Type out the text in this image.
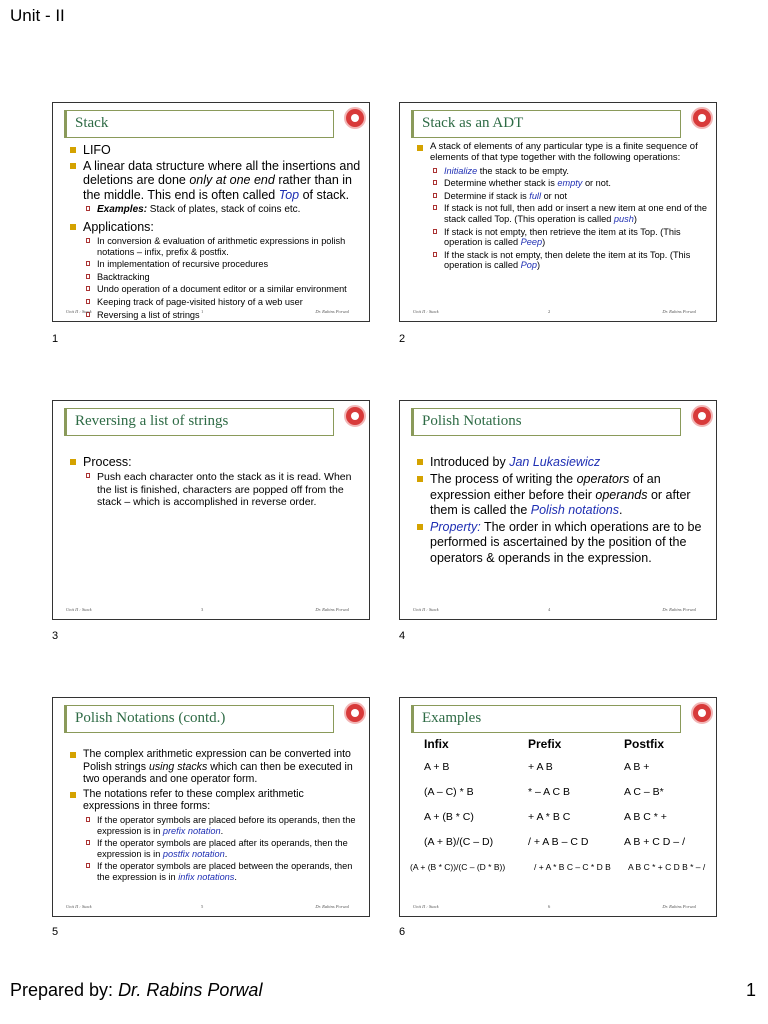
Unit - II
Stack
LIFO
A linear data structure where all the insertions and deletions are done only at one end rather than in the middle. This end is often called Top of stack.
Examples: Stack of plates, stack of coins etc.
Applications:
In conversion & evaluation of arithmetic expressions in polish notations – infix, prefix & postfix.
In implementation of recursive procedures
Backtracking
Undo operation of a document editor or a similar environment
Keeping track of page-visited history of a web user
Reversing a list of strings
Unit II : Stack	1	Dr. Rabins Porwal
1
Stack as an ADT
A stack of elements of any particular type is a finite sequence of elements of that type together with the following operations:
Initialize the stack to be empty.
Determine whether stack is empty or not.
Determine if stack is full or not
If stack is not full, then add or insert a new item at one end of the stack called Top. (This operation is called push)
If stack is not empty, then retrieve the item at its Top. (This operation is called Peep)
If the stack is not empty, then delete the item at its Top. (This operation is called Pop)
Unit II : Stack	2	Dr. Rabins Porwal
2
Reversing a list of strings
Process:
Push each character onto the stack as it is read. When the list is finished, characters are popped off from the stack – which is accomplished in reverse order.
Unit II : Stack	3	Dr. Rabins Porwal
3
Polish Notations
Introduced by Jan Lukasiewicz
The process of writing the operators of an expression either before their operands or after them is called the Polish notations.
Property: The order in which operations are to be performed is ascertained by the position of the operators & operands in the expression.
Unit II : Stack	4	Dr. Rabins Porwal
4
Polish Notations (contd.)
The complex arithmetic expression can be converted into Polish strings using stacks which can then be executed in two operands and one operator form.
The notations refer to these complex arithmetic expressions in three forms:
If the operator symbols are placed before its operands, then the expression is in prefix notation.
If the operator symbols are placed after its operands, then the expression is in postfix notation.
If the operator symbols are placed between the operands, then the expression is in infix notations.
Unit II : Stack	5	Dr. Rabins Porwal
5
Examples
Infix	Prefix	Postfix
A + B	+ A B	A B +
(A – C) * B	* – A C B	A C – B*
A + (B * C)	+ A * B C	A B C * +
(A + B)/(C – D)	/ + A B – C D	A B + C D – /
(A + (B * C))/(C – (D * B))	/ + A * B C – C * D B	A B C * + C D B * – /
Unit II : Stack	6	Dr. Rabins Porwal
6
Prepared by: Dr. Rabins Porwal	1
